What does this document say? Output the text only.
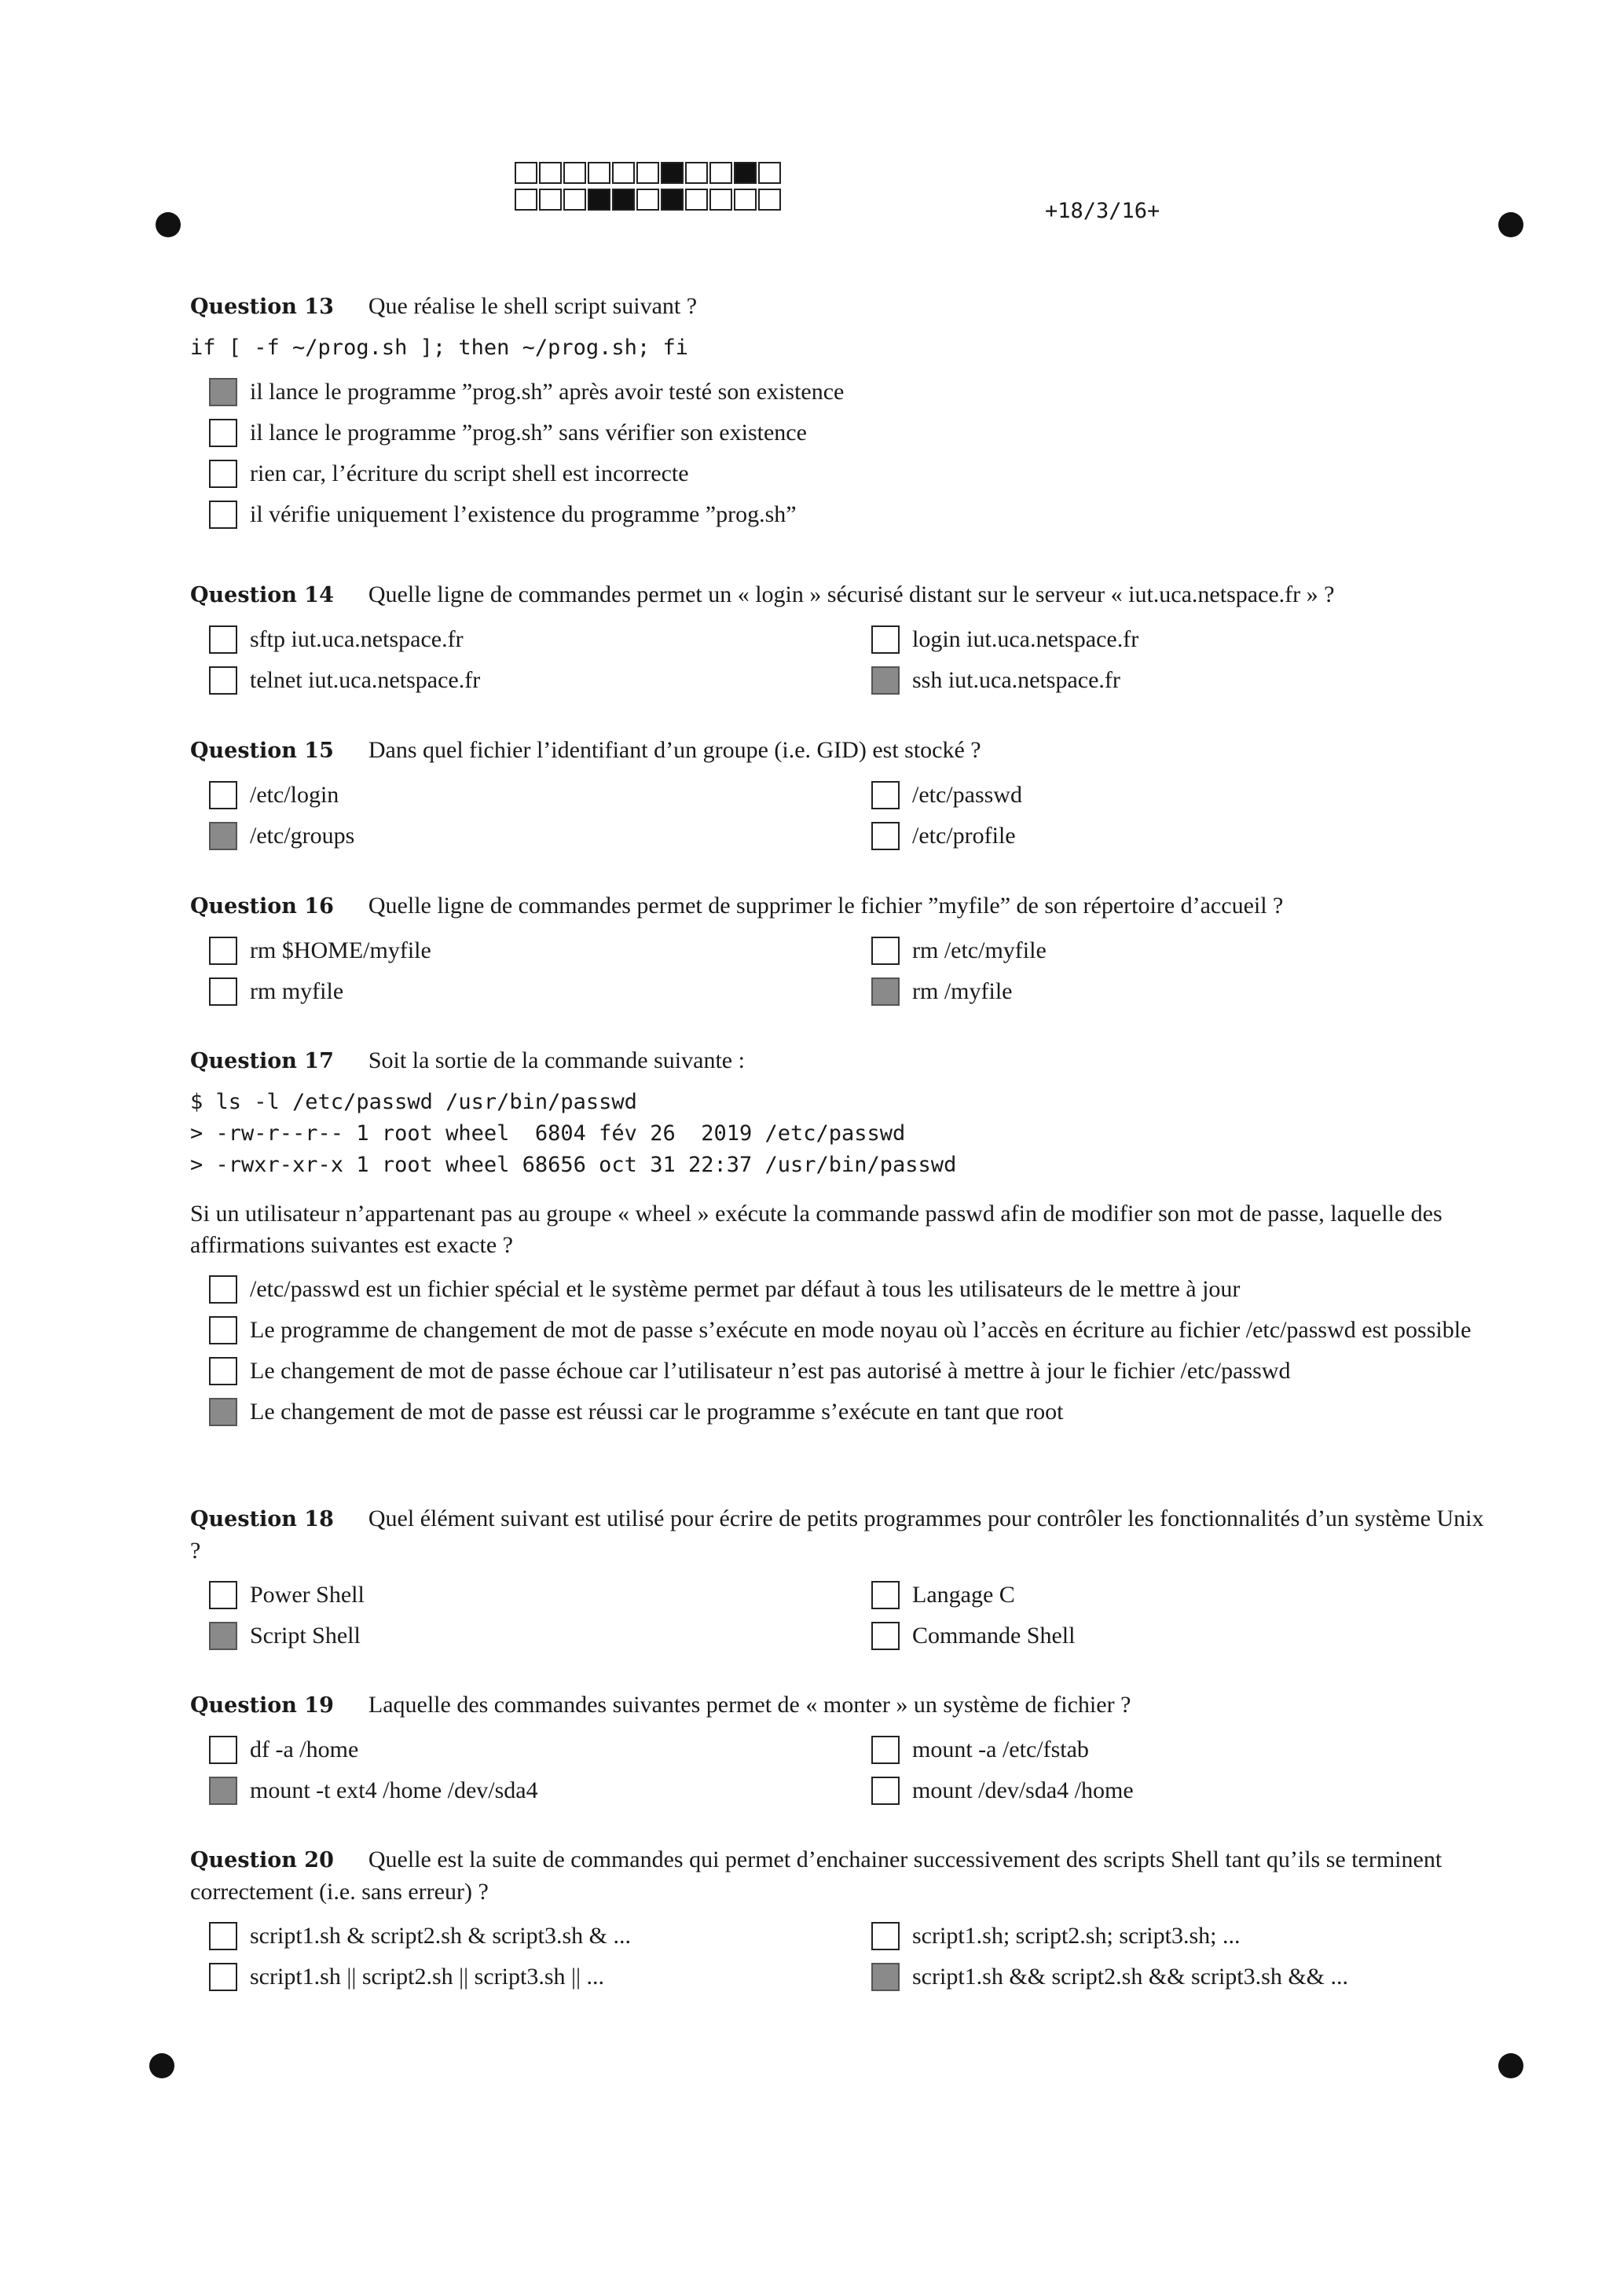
+18/3/16+
Question 13 Que réalise le shell script suivant ?
if [ -f ~/prog.sh ]; then ~/prog.sh; fi
il lance le programme ”prog.sh” après avoir testé son existence
il lance le programme ”prog.sh” sans vérifier son existence
rien car, l’écriture du script shell est incorrecte
il vérifie uniquement l’existence du programme ”prog.sh”
Question 14 Quelle ligne de commandes permet un « login » sécurisé distant sur le serveur « iut.uca.netspace.fr » ?
sftp iut.uca.netspace.fr	login iut.uca.netspace.fr
telnet iut.uca.netspace.fr	ssh iut.uca.netspace.fr
Question 15 Dans quel fichier l’identifiant d’un groupe (i.e. GID) est stocké ?
/etc/login	/etc/passwd
/etc/groups	/etc/profile
Question 16 Quelle ligne de commandes permet de supprimer le fichier ”myfile” de son répertoire d’accueil ?
rm $HOME/myfile	rm /etc/myfile
rm myfile	rm /myfile
Question 17 Soit la sortie de la commande suivante :
$ ls -l /etc/passwd /usr/bin/passwd
> -rw-r--r-- 1 root wheel  6804 fév 26  2019 /etc/passwd
> -rwxr-xr-x 1 root wheel 68656 oct 31 22:37 /usr/bin/passwd
Si un utilisateur n’appartenant pas au groupe « wheel » exécute la commande passwd afin de modifier son mot de passe, laquelle des affirmations suivantes est exacte ?
/etc/passwd est un fichier spécial et le système permet par défaut à tous les utilisateurs de le mettre à jour
Le programme de changement de mot de passe s’exécute en mode noyau où l’accès en écriture au fichier /etc/passwd est possible
Le changement de mot de passe échoue car l’utilisateur n’est pas autorisé à mettre à jour le fichier /etc/passwd
Le changement de mot de passe est réussi car le programme s’exécute en tant que root
Question 18 Quel élément suivant est utilisé pour écrire de petits programmes pour contrôler les fonctionnalités d’un système Unix ?
Power Shell	Langage C
Script Shell	Commande Shell
Question 19 Laquelle des commandes suivantes permet de « monter » un système de fichier ?
df -a /home	mount -a /etc/fstab
mount -t ext4 /home /dev/sda4	mount /dev/sda4 /home
Question 20 Quelle est la suite de commandes qui permet d’enchainer successivement des scripts Shell tant qu’ils se terminent correctement (i.e. sans erreur) ?
script1.sh & script2.sh & script3.sh & ...	script1.sh; script2.sh; script3.sh; ...
script1.sh || script2.sh || script3.sh || ...	script1.sh && script2.sh && script3.sh && ...
